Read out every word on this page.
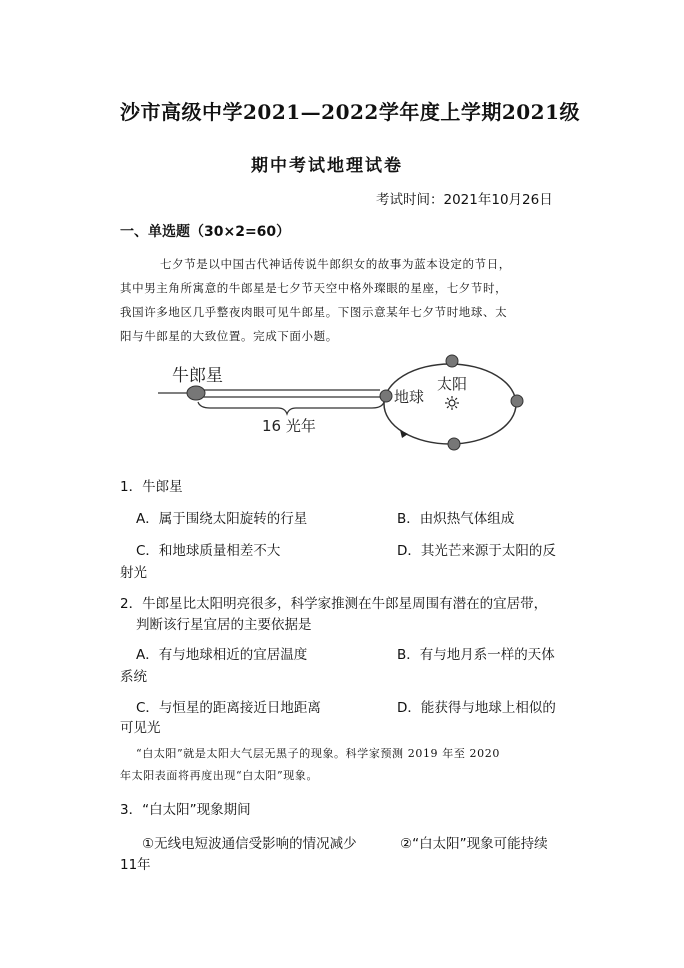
沙市高级中学2021—2022学年度上学期2021级
期中考试地理试卷
考试时间：2021年10月26日
一、单选题（30×2=60）
七夕节是以中国古代神话传说牛郎织女的故事为蓝本设定的节日，
其中男主角所寓意的牛郎星是七夕节天空中格外璨眼的星座，七夕节时，
我国许多地区几乎整夜肉眼可见牛郎星。下图示意某年七夕节时地球、太
阳与牛郎星的大致位置。完成下面小题。
牛郎星
16 光年
地球
太阳
1．牛郎星
A．属于围绕太阳旋转的行星	B．由炽热气体组成
C．和地球质量相差不大	D．其光芒来源于太阳的反
射光
2．牛郎星比太阳明亮很多，科学家推测在牛郎星周围有潜在的宜居带，
判断该行星宜居的主要依据是
A．有与地球相近的宜居温度	B．有与地月系一样的天体
系统
C．与恒星的距离接近日地距离	D．能获得与地球上相似的
可见光
“白太阳”就是太阳大气层无黑子的现象。科学家预测 2019 年至 2020
年太阳表面将再度出现“白太阳”现象。
3．“白太阳”现象期间
①无线电短波通信受影响的情况减少	②“白太阳”现象可能持续
11年
